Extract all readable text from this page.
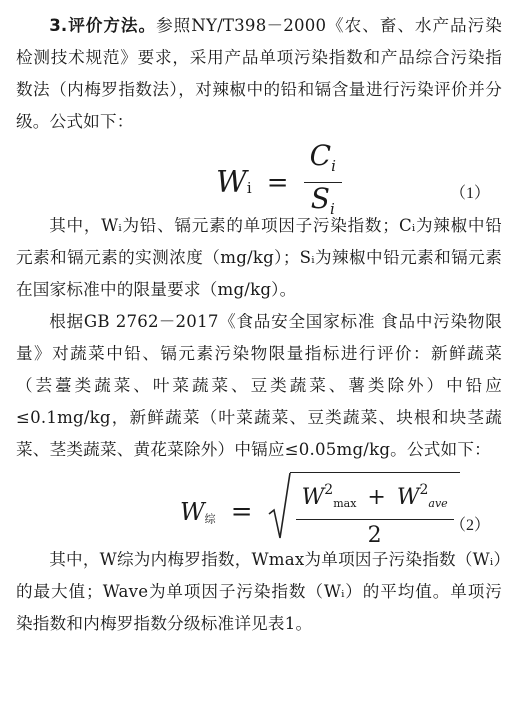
3.评价方法。参照NY/T398－2000《农、畜、水产品污染检测技术规范》要求，采用产品单项污染指数和产品综合污染指数法（内梅罗指数法），对辣椒中的铅和镉含量进行污染评价并分级。公式如下：

$Wi = \frac{C_i}{S_i}$	（1）

其中，Wᵢ为铅、镉元素的单项因子污染指数；Cᵢ为辣椒中铅元素和镉元素的实测浓度（mg/kg）；Sᵢ为辣椒中铅元素和镉元素在国家标准中的限量要求（mg/kg）。

根据GB 2762－2017《食品安全国家标准 食品中污染物限量》对蔬菜中铅、镉元素污染物限量指标进行评价：新鲜蔬菜（芸薹类蔬菜、叶菜蔬菜、豆类蔬菜、薯类除外）中铅应≤0.1mg/kg，新鲜蔬菜（叶菜蔬菜、豆类蔬菜、块根和块茎蔬菜、茎类蔬菜、黄花菜除外）中镉应≤0.05mg/kg。公式如下：

$W_综 = \frac{W^2\max + W^2ave}{2}$
（2）

其中，W综为内梅罗指数，Wmax为单项因子污染指数（Wᵢ）的最大值；Wave为单项因子污染指数（Wᵢ）的平均值。单项污染指数和内梅罗指数分级标准详见表1。
